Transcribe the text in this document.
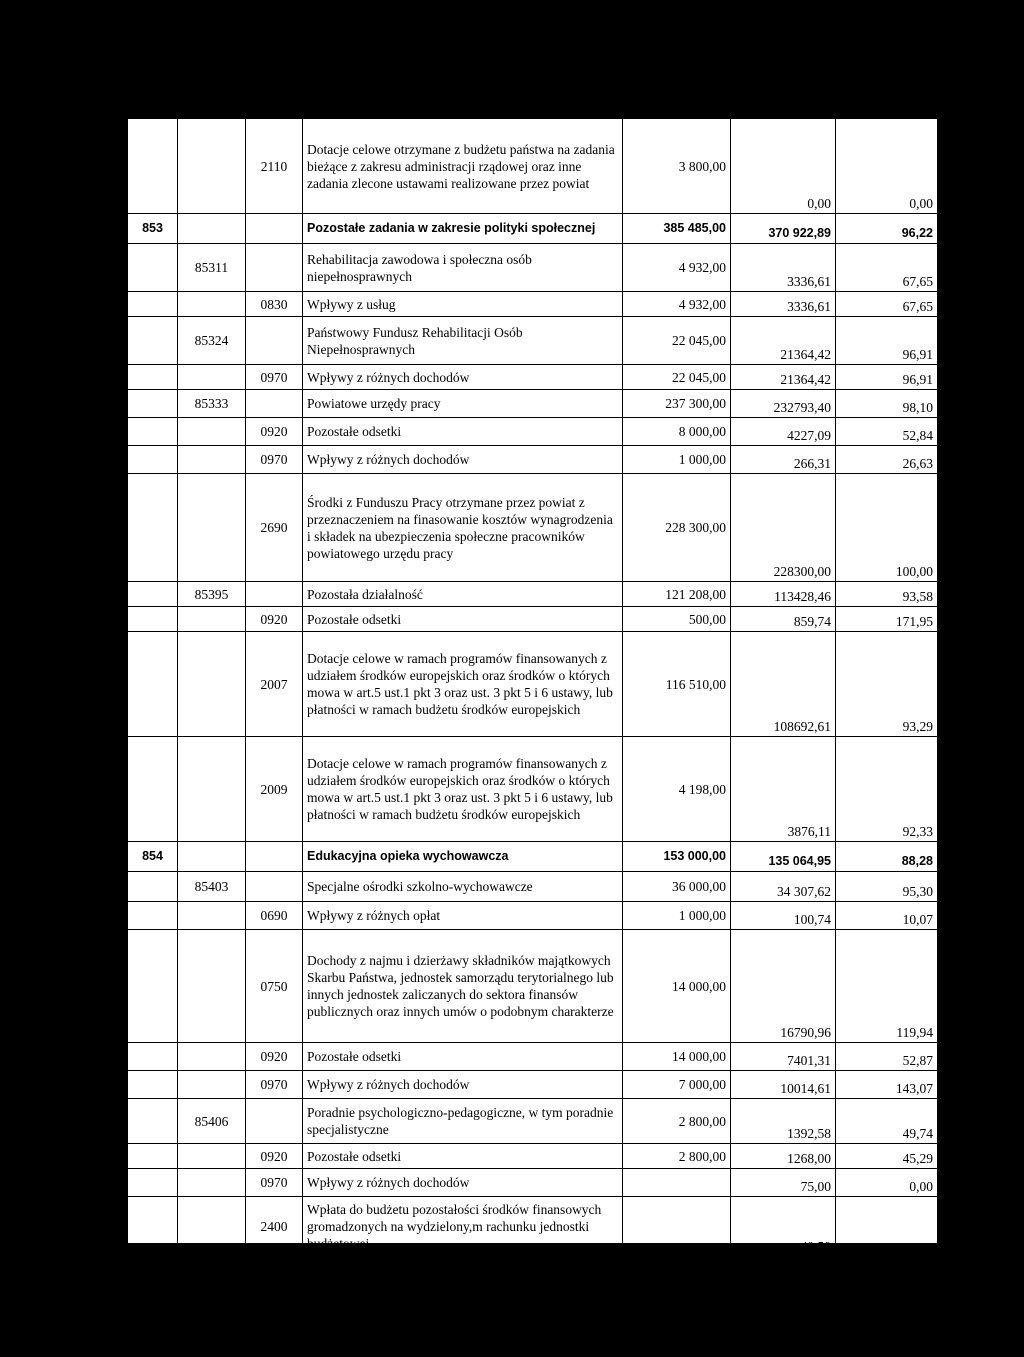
		2110	Dotacje celowe otrzymane z budżetu państwa na zadania bieżące z zakresu administracji rządowej oraz inne zadania zlecone ustawami realizowane przez powiat	3 800,00	0,00	0,00
853			Pozostałe zadania w zakresie polityki społecznej	385 485,00	370 922,89	96,22
	85311		Rehabilitacja zawodowa i społeczna osób niepełnosprawnych	4 932,00	3336,61	67,65
		0830	Wpływy z usług	4 932,00	3336,61	67,65
	85324		Państwowy Fundusz Rehabilitacji Osób Niepełnosprawnych	22 045,00	21364,42	96,91
		0970	Wpływy z różnych dochodów	22 045,00	21364,42	96,91
	85333		Powiatowe urzędy pracy	237 300,00	232793,40	98,10
		0920	Pozostałe odsetki	8 000,00	4227,09	52,84
		0970	Wpływy z różnych dochodów	1 000,00	266,31	26,63
		2690	Środki z Funduszu Pracy otrzymane przez powiat z przeznaczeniem na finasowanie kosztów wynagrodzenia i składek na ubezpieczenia społeczne pracowników powiatowego urzędu pracy	228 300,00	228300,00	100,00
	85395		Pozostała działalność	121 208,00	113428,46	93,58
		0920	Pozostałe odsetki	500,00	859,74	171,95
		2007	Dotacje celowe w ramach programów finansowanych z udziałem środków europejskich oraz środków o których mowa w art.5 ust.1 pkt 3 oraz ust. 3 pkt 5 i 6 ustawy, lub płatności w ramach budżetu środków europejskich	116 510,00	108692,61	93,29
		2009	Dotacje celowe w ramach programów finansowanych z udziałem środków europejskich oraz środków o których mowa w art.5 ust.1 pkt 3 oraz ust. 3 pkt 5 i 6 ustawy, lub płatności w ramach budżetu środków europejskich	4 198,00	3876,11	92,33
854			Edukacyjna opieka wychowawcza	153 000,00	135 064,95	88,28
	85403		Specjalne ośrodki szkolno-wychowawcze	36 000,00	34 307,62	95,30
		0690	Wpływy z różnych opłat	1 000,00	100,74	10,07
		0750	Dochody z najmu i dzierżawy składników majątkowych Skarbu Państwa, jednostek samorządu terytorialnego lub innych jednostek zaliczanych do sektora finansów publicznych oraz innych umów o podobnym charakterze	14 000,00	16790,96	119,94
		0920	Pozostałe odsetki	14 000,00	7401,31	52,87
		0970	Wpływy z różnych dochodów	7 000,00	10014,61	143,07
	85406		Poradnie psychologiczno-pedagogiczne, w tym poradnie specjalistyczne	2 800,00	1392,58	49,74
		0920	Pozostałe odsetki	2 800,00	1268,00	45,29
		0970	Wpływy z różnych dochodów		75,00	0,00
		2400	Wpłata do budżetu pozostałości środków finansowych gromadzonych na wydzielony,m rachunku jednostki budżetowej		49,58	
	85410		Internaty i bursy szkolne	114 200,00	99 364,75	87,01
